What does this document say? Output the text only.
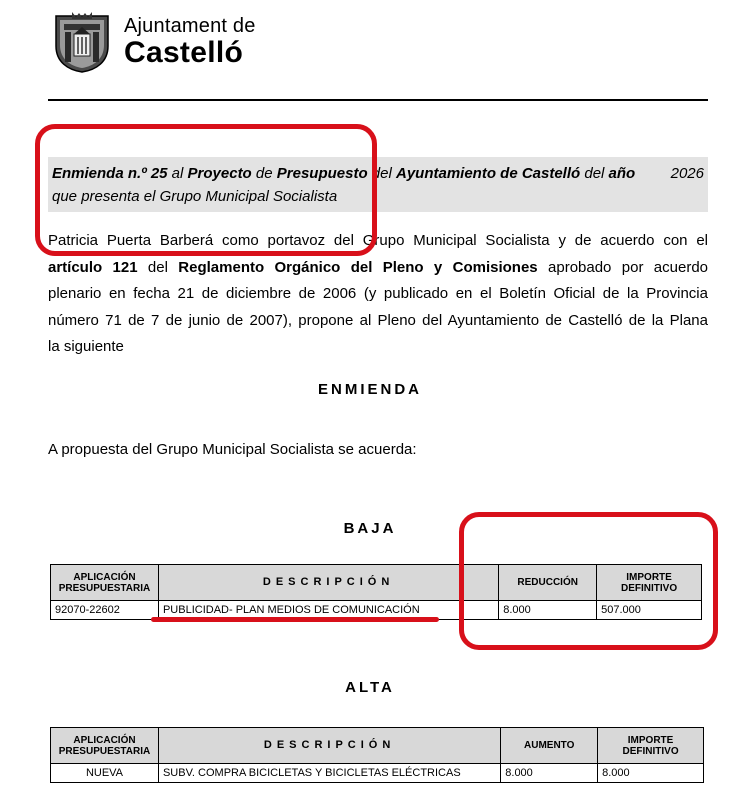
Ajuntament de
Castelló
Enmienda n.º 25 al Proyecto de Presupuesto del Ayuntamiento de Castelló del año 2026
que presenta el Grupo Municipal Socialista

Patricia Puerta Barberá como portavoz del Grupo Municipal Socialista y de acuerdo con el
artículo 121 del Reglamento Orgánico del Pleno y Comisiones aprobado por acuerdo
plenario en fecha 21 de diciembre de 2006 (y publicado en el Boletín Oficial de la Provincia
número 71 de 7 de junio de 2007), propone al Pleno del Ayuntamiento de Castelló de la Plana
la siguiente

ENMIENDA

A propuesta del Grupo Municipal Socialista se acuerda:

BAJA
APLICACIÓN PRESUPUESTARIA	DESCRIPCIÓN	REDUCCIÓN	IMPORTE DEFINITIVO
92070-22602	PUBLICIDAD- PLAN MEDIOS DE COMUNICACIÓN	8.000	507.000
ALTA
APLICACIÓN PRESUPUESTARIA	DESCRIPCIÓN	AUMENTO	IMPORTE DEFINITIVO
NUEVA	SUBV. COMPRA BICICLETAS Y BICICLETAS ELÉCTRICAS	8.000	8.000
